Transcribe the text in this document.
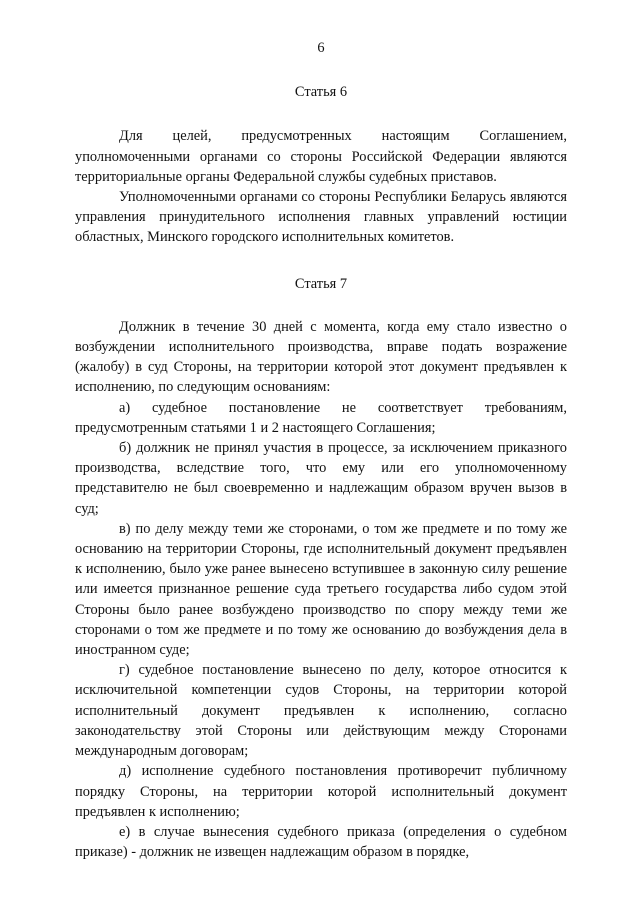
6
Статья 6

Для целей, предусмотренных настоящим Соглашением, уполномоченными органами со стороны Российской Федерации являются территориальные органы Федеральной службы судебных приставов.

Уполномоченными органами со стороны Республики Беларусь являются управления принудительного исполнения главных управлений юстиции областных, Минского городского исполнительных комитетов.

Статья 7

Должник в течение 30 дней с момента, когда ему стало известно о возбуждении исполнительного производства, вправе подать возражение (жалобу) в суд Стороны, на территории которой этот документ предъявлен к исполнению, по следующим основаниям:

а) судебное постановление не соответствует требованиям, предусмотренным статьями 1 и 2 настоящего Соглашения;

б) должник не принял участия в процессе, за исключением приказного производства, вследствие того, что ему или его уполномоченному представителю не был своевременно и надлежащим образом вручен вызов в суд;

в) по делу между теми же сторонами, о том же предмете и по тому же основанию на территории Стороны, где исполнительный документ предъявлен к исполнению, было уже ранее вынесено вступившее в законную силу решение или имеется признанное решение суда третьего государства либо судом этой Стороны было ранее возбуждено производство по спору между теми же сторонами о том же предмете и по тому же основанию до возбуждения дела в иностранном суде;

г) судебное постановление вынесено по делу, которое относится к исключительной компетенции судов Стороны, на территории которой исполнительный документ предъявлен к исполнению, согласно законодательству этой Стороны или действующим между Сторонами международным договорам;

д) исполнение судебного постановления противоречит публичному порядку Стороны, на территории которой исполнительный документ предъявлен к исполнению;

е) в случае вынесения судебного приказа (определения о судебном приказе) - должник не извещен надлежащим образом в порядке,
